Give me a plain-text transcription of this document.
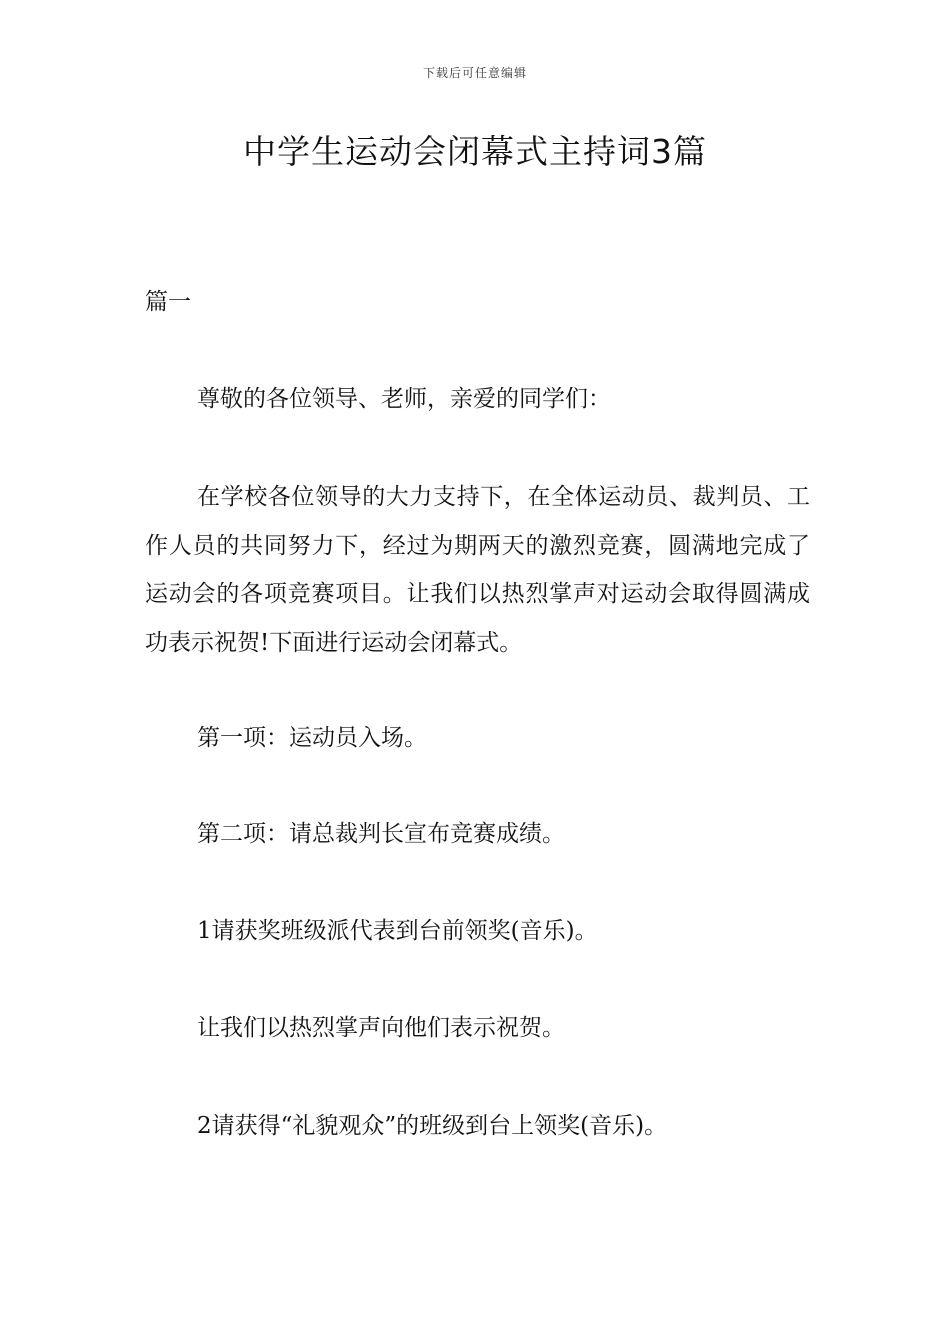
下载后可任意编辑
中学生运动会闭幕式主持词3篇
篇一

尊敬的各位领导、老师，亲爱的同学们：

在学校各位领导的大力支持下，在全体运动员、裁判员、工作人员的共同努力下，经过为期两天的激烈竞赛，圆满地完成了运动会的各项竞赛项目。让我们以热烈掌声对运动会取得圆满成功表示祝贺!下面进行运动会闭幕式。

第一项：运动员入场。

第二项：请总裁判长宣布竞赛成绩。

1请获奖班级派代表到台前领奖(音乐)。

让我们以热烈掌声向他们表示祝贺。

2请获得“礼貌观众”的班级到台上领奖(音乐)。
